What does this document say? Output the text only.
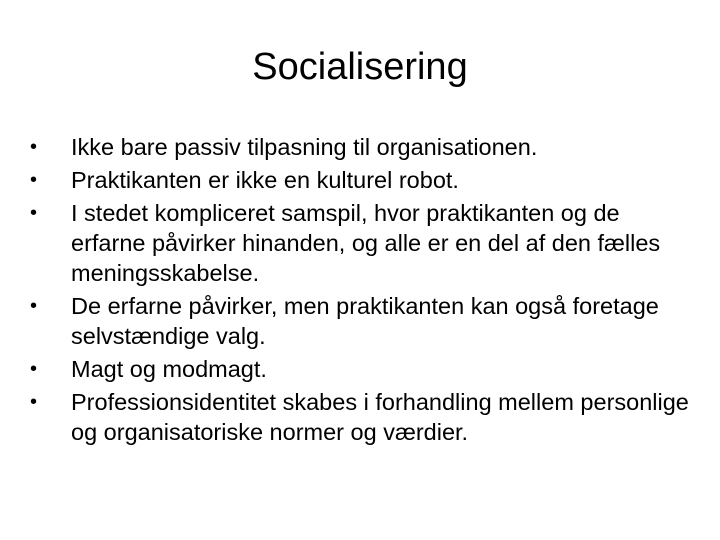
Socialisering
•	Ikke bare passiv tilpasning til organisationen.
•	Praktikanten er ikke en kulturel robot.
•	I stedet kompliceret samspil, hvor praktikanten og de erfarne påvirker hinanden, og alle er en del af den fælles meningsskabelse.
•	De erfarne påvirker, men praktikanten kan også foretage selvstændige valg.
•	Magt og modmagt.
•	Professionsidentitet skabes i forhandling mellem personlige og organisatoriske normer og værdier.
